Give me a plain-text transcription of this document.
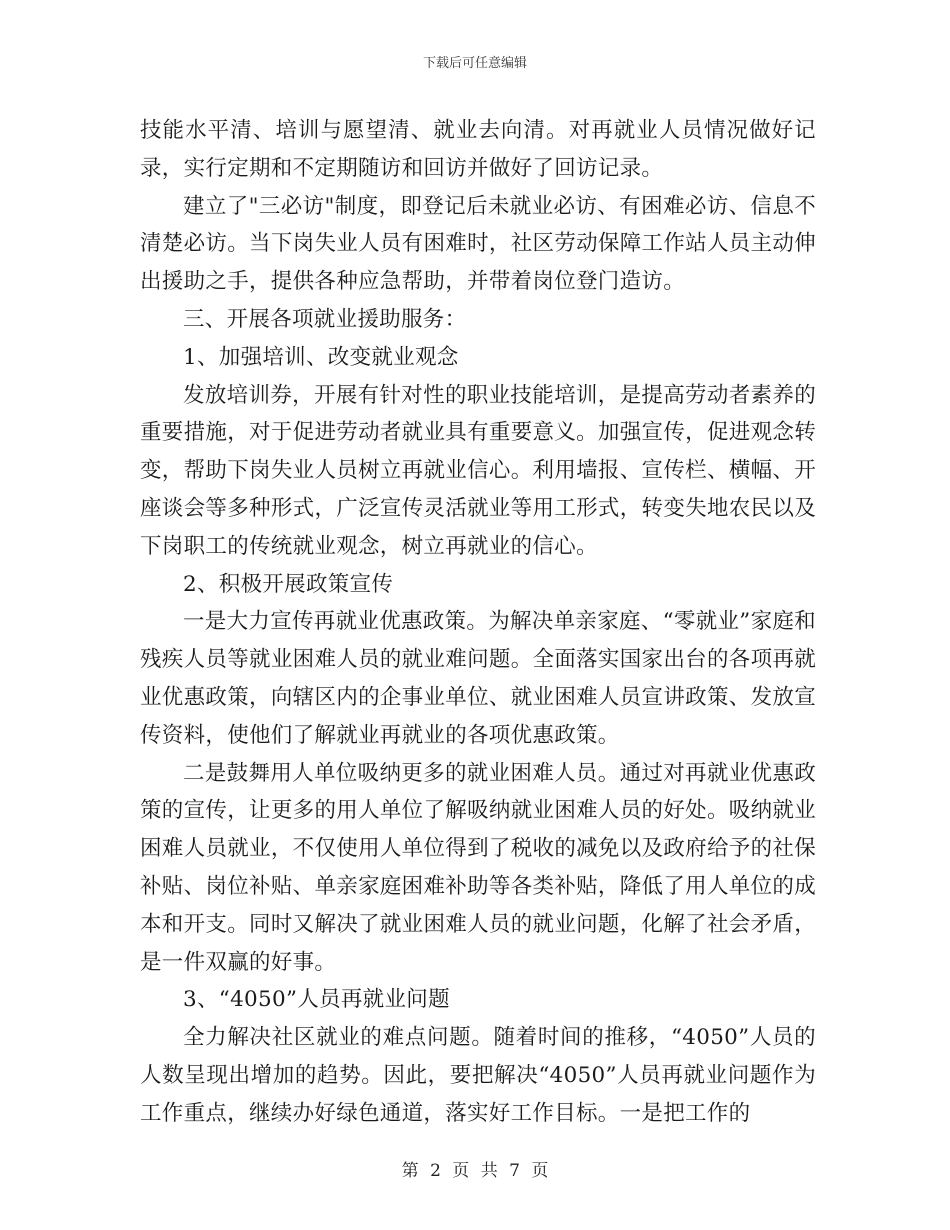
下载后可任意编辑

技能水平清、培训与愿望清、就业去向清。对再就业人员情况做好记录，实行定期和不定期随访和回访并做好了回访记录。

建立了"三必访"制度，即登记后未就业必访、有困难必访、信息不清楚必访。当下岗失业人员有困难时，社区劳动保障工作站人员主动伸出援助之手，提供各种应急帮助，并带着岗位登门造访。

三、开展各项就业援助服务：

1、加强培训、改变就业观念

发放培训券，开展有针对性的职业技能培训，是提高劳动者素养的重要措施，对于促进劳动者就业具有重要意义。加强宣传，促进观念转变，帮助下岗失业人员树立再就业信心。利用墙报、宣传栏、横幅、开座谈会等多种形式，广泛宣传灵活就业等用工形式，转变失地农民以及下岗职工的传统就业观念，树立再就业的信心。

2、积极开展政策宣传

一是大力宣传再就业优惠政策。为解决单亲家庭、“零就业”家庭和残疾人员等就业困难人员的就业难问题。全面落实国家出台的各项再就业优惠政策，向辖区内的企事业单位、就业困难人员宣讲政策、发放宣传资料，使他们了解就业再就业的各项优惠政策。

二是鼓舞用人单位吸纳更多的就业困难人员。通过对再就业优惠政策的宣传，让更多的用人单位了解吸纳就业困难人员的好处。吸纳就业困难人员就业，不仅使用人单位得到了税收的减免以及政府给予的社保补贴、岗位补贴、单亲家庭困难补助等各类补贴，降低了用人单位的成本和开支。同时又解决了就业困难人员的就业问题，化解了社会矛盾，是一件双赢的好事。

3、“4050”人员再就业问题

全力解决社区就业的难点问题。随着时间的推移，“4050”人员的人数呈现出增加的趋势。因此，要把解决“4050”人员再就业问题作为工作重点，继续办好绿色通道，落实好工作目标。一是把工作的

第 2 页 共 7 页
